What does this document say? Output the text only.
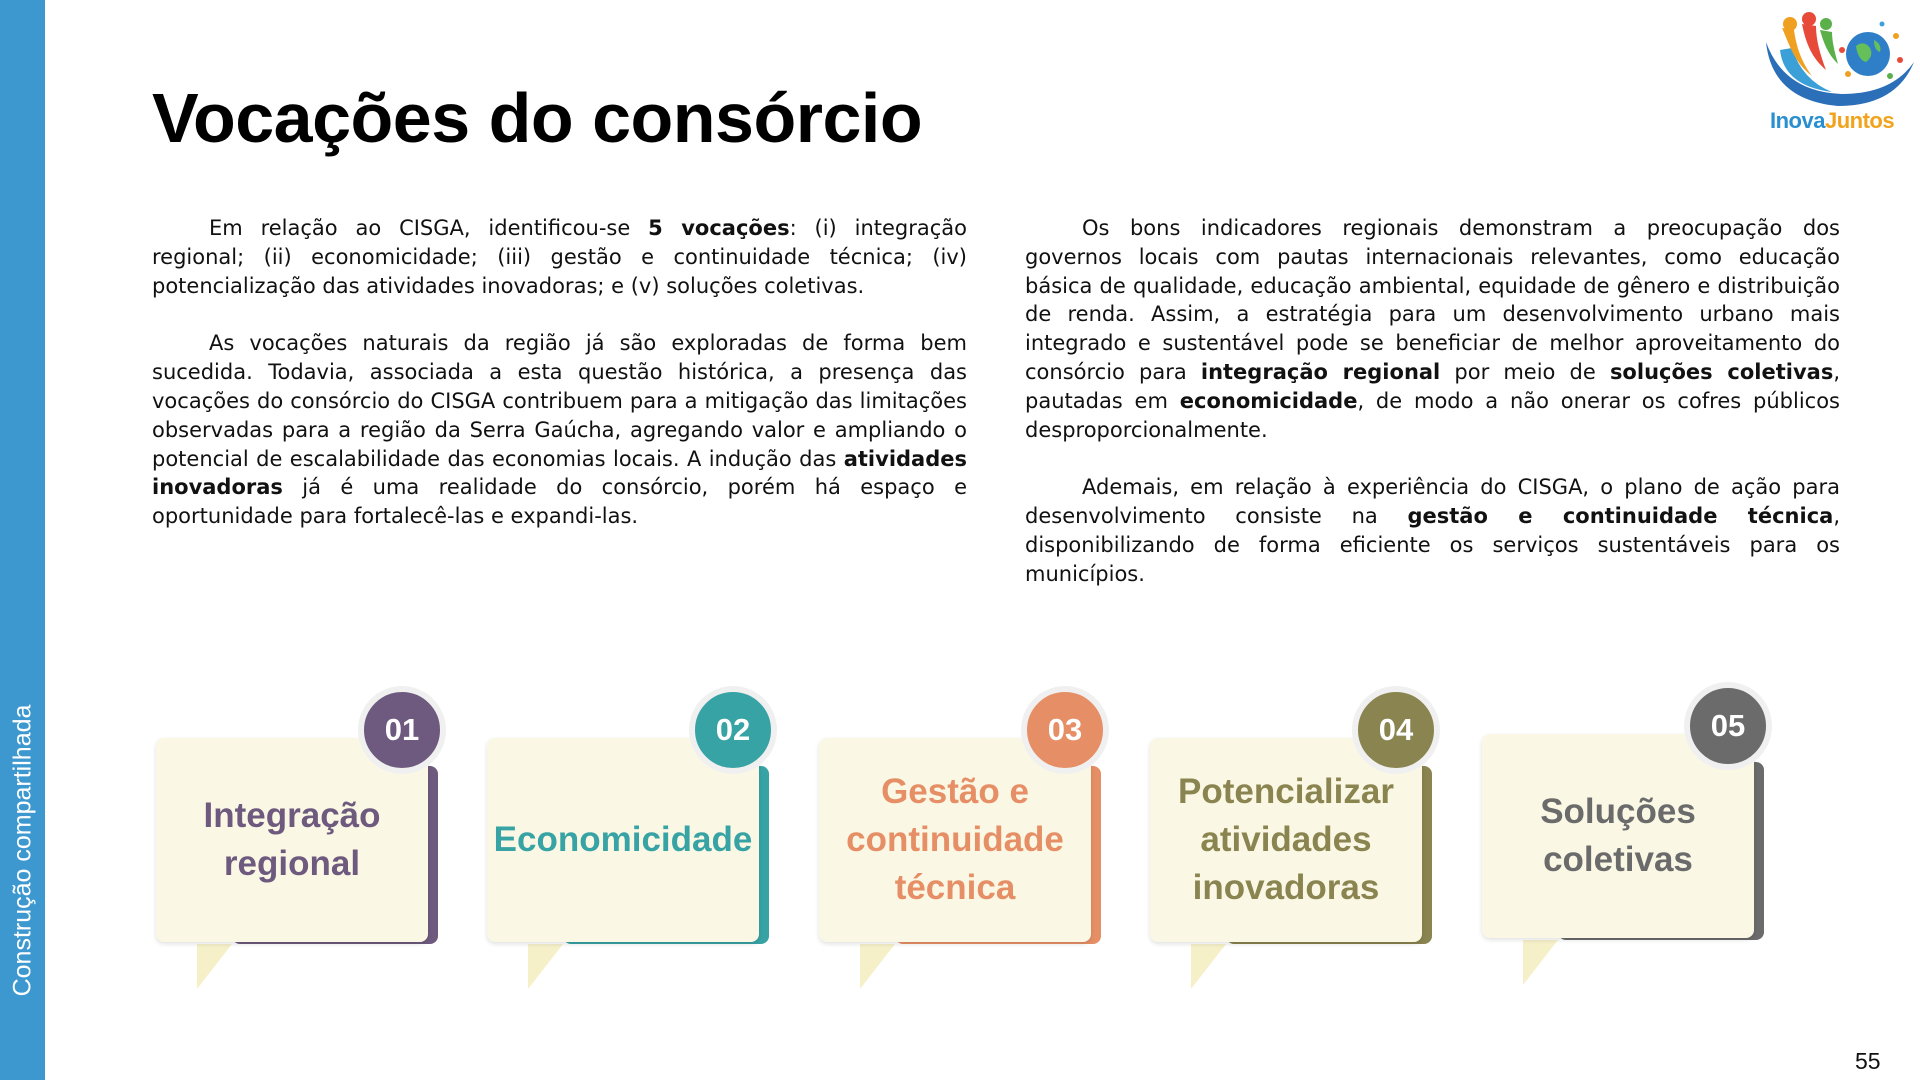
Construção compartilhada
Vocações do consórcio	InovaJuntos

Em relação ao CISGA, identificou-se 5 vocações: (i) integração regional; (ii) economicidade; (iii) gestão e continuidade técnica; (iv) potencialização das atividades inovadoras; e (v) soluções coletivas.

As vocações naturais da região já são exploradas de forma bem sucedida. Todavia, associada a esta questão histórica, a presença das vocações do consórcio do CISGA contribuem para a mitigação das limitações observadas para a região da Serra Gaúcha, agregando valor e ampliando o potencial de escalabilidade das economias locais. A indução das atividades inovadoras já é uma realidade do consórcio, porém há espaço e oportunidade para fortalecê-las e expandi-las.

Os bons indicadores regionais demonstram a preocupação dos governos locais com pautas internacionais relevantes, como educação básica de qualidade, educação ambiental, equidade de gênero e distribuição de renda. Assim, a estratégia para um desenvolvimento urbano mais integrado e sustentável pode se beneficiar de melhor aproveitamento do consórcio para integração regional por meio de soluções coletivas, pautadas em economicidade, de modo a não onerar os cofres públicos desproporcionalmente.

Ademais, em relação à experiência do CISGA, o plano de ação para desenvolvimento consiste na gestão e continuidade técnica, disponibilizando de forma eficiente os serviços sustentáveis para os municípios.

Integração
regional
01
Economicidade
02
Gestão e
continuidade
técnica
03
Potencializar
atividades
inovadoras
04
Soluções
coletivas
05
55
